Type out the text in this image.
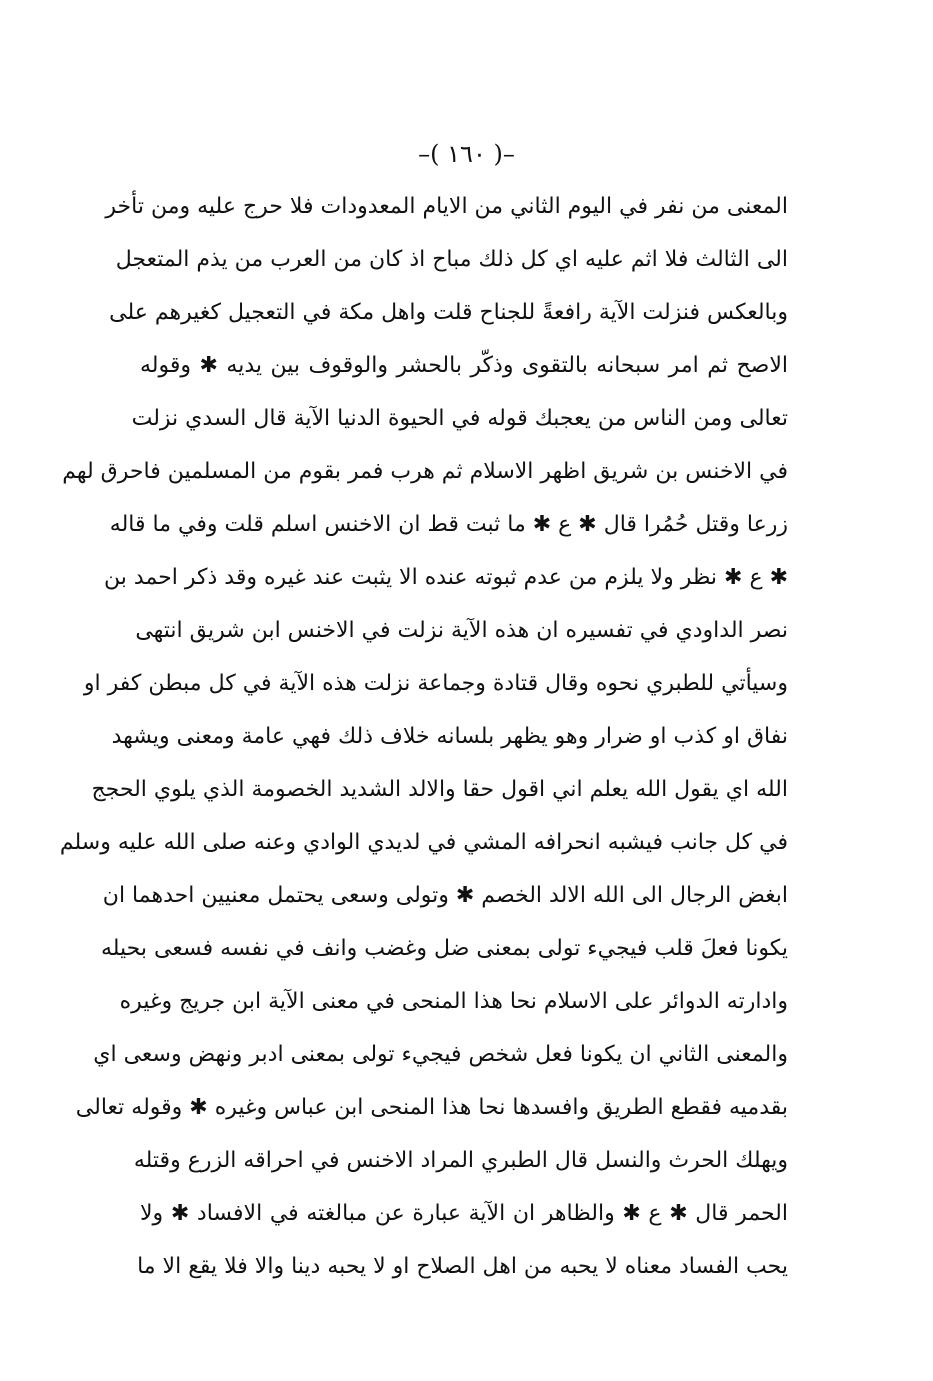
–( ١٦٠ )–
المعنى من نفر في اليوم الثاني من الايام المعدودات فلا حرج عليه ومن تأخر
الى الثالث فلا اثم عليه اي كل ذلك مباح اذ كان من العرب من يذم المتعجل
وبالعكس فنزلت الآية رافعةً للجناح قلت واهل مكة في التعجيل كغيرهم على
الاصح ثم امر سبحانه بالتقوى وذكّر بالحشر والوقوف بين يديه ✱ وقوله
تعالى ومن الناس من يعجبك قوله في الحيوة الدنيا الآية قال السدي نزلت
في الاخنس بن شريق اظهر الاسلام ثم هرب فمر بقوم من المسلمين فاحرق لهم
زرعا وقتل حُمُرا قال ✱ ع ✱ ما ثبت قط ان الاخنس اسلم قلت وفي ما قاله
✱ ع ✱ نظر ولا يلزم من عدم ثبوته عنده الا يثبت عند غيره وقد ذكر احمد بن
نصر الداودي في تفسيره ان هذه الآية نزلت في الاخنس ابن شريق انتهى
وسيأتي للطبري نحوه وقال قتادة وجماعة نزلت هذه الآية في كل مبطن كفر او
نفاق او كذب او ضرار وهو يظهر بلسانه خلاف ذلك فهي عامة ومعنى ويشهد
الله اي يقول الله يعلم اني اقول حقا والالد الشديد الخصومة الذي يلوي الحجج
في كل جانب فيشبه انحرافه المشي في لديدي الوادي وعنه صلى الله عليه وسلم
ابغض الرجال الى الله الالد الخصم ✱ وتولى وسعى يحتمل معنيين احدهما ان
يكونا فعلَ قلب فيجيء تولى بمعنى ضل وغضب وانف في نفسه فسعى بحيله
وادارته الدوائر على الاسلام نحا هذا المنحى في معنى الآية ابن جريج وغيره
والمعنى الثاني ان يكونا فعل شخص فيجيء تولى بمعنى ادبر ونهض وسعى اي
بقدميه فقطع الطريق وافسدها نحا هذا المنحى ابن عباس وغيره ✱ وقوله تعالى
ويهلك الحرث والنسل قال الطبري المراد الاخنس في احراقه الزرع وقتله
الحمر قال ✱ ع ✱ والظاهر ان الآية عبارة عن مبالغته في الافساد ✱ ولا
يحب الفساد معناه لا يحبه من اهل الصلاح او لا يحبه دينا والا فلا يقع الا ما
